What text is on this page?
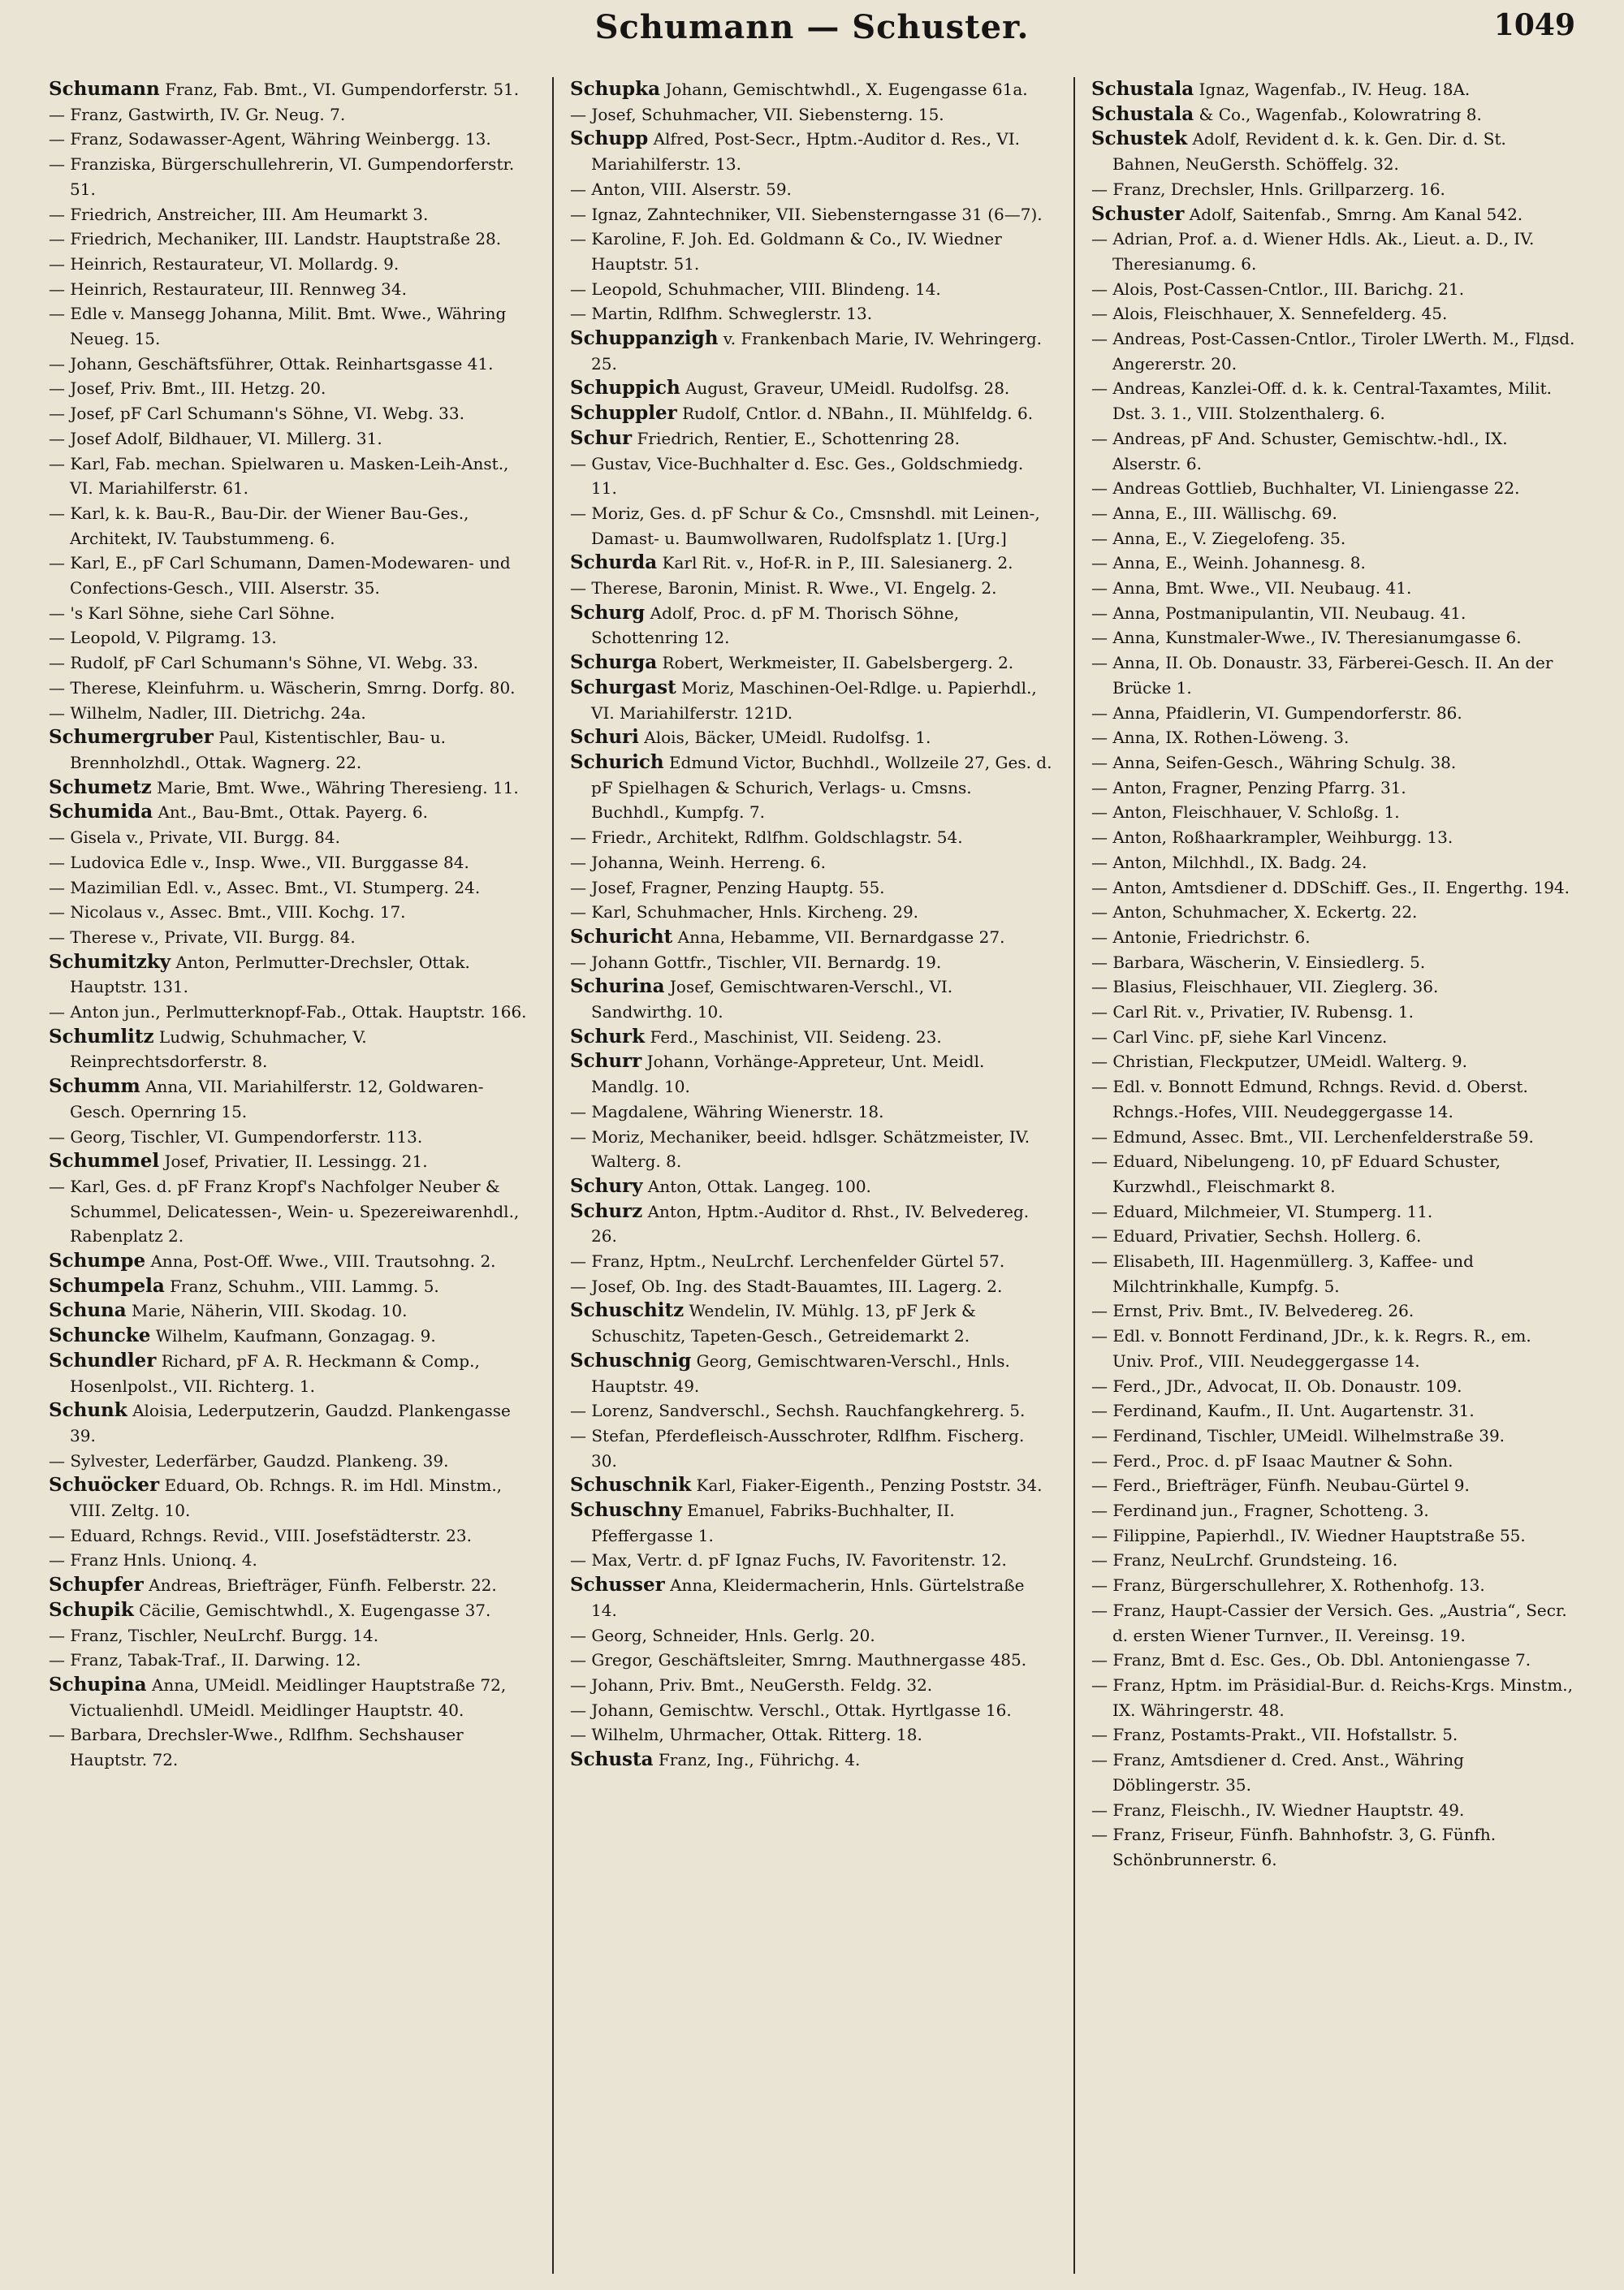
Schumann — Schuster.	1049

Schumann Franz, Fab. Bmt., VI. Gumpendorferstr. 51.

— Franz, Gastwirth, IV. Gr. Neug. 7.

— Franz, Sodawasser-Agent, Währing Weinbergg. 13.

— Franziska, Bürgerschullehrerin, VI. Gumpendorferstr. 51.

— Friedrich, Anstreicher, III. Am Heumarkt 3.

— Friedrich, Mechaniker, III. Landstr. Hauptstraße 28.

— Heinrich, Restaurateur, VI. Mollardg. 9.

— Heinrich, Restaurateur, III. Rennweg 34.

— Edle v. Mansegg Johanna, Milit. Bmt. Wwe., Währing Neueg. 15.

— Johann, Geschäftsführer, Ottak. Reinhartsgasse 41.

— Josef, Priv. Bmt., III. Hetzg. 20.

— Josef, pF Carl Schumann's Söhne, VI. Webg. 33.

— Josef Adolf, Bildhauer, VI. Millerg. 31.

— Karl, Fab. mechan. Spielwaren u. Masken-Leih-Anst., VI. Mariahilferstr. 61.

— Karl, k. k. Bau-R., Bau-Dir. der Wiener Bau-Ges., Architekt, IV. Taubstummeng. 6.

— Karl, E., pF Carl Schumann, Damen-Modewaren- und Confections-Gesch., VIII. Alserstr. 35.

— 's Karl Söhne, siehe Carl Söhne.

— Leopold, V. Pilgramg. 13.

— Rudolf, pF Carl Schumann's Söhne, VI. Webg. 33.

— Therese, Kleinfuhrm. u. Wäscherin, Smrng. Dorfg. 80.

— Wilhelm, Nadler, III. Dietrichg. 24a.

Schumergruber Paul, Kistentischler, Bau- u. Brennholzhdl., Ottak. Wagnerg. 22.

Schumetz Marie, Bmt. Wwe., Währing Theresieng. 11.

Schumida Ant., Bau-Bmt., Ottak. Payerg. 6.

— Gisela v., Private, VII. Burgg. 84.

— Ludovica Edle v., Insp. Wwe., VII. Burggasse 84.

— Mazimilian Edl. v., Assec. Bmt., VI. Stumperg. 24.

— Nicolaus v., Assec. Bmt., VIII. Kochg. 17.

— Therese v., Private, VII. Burgg. 84.

Schumitzky Anton, Perlmutter-Drechsler, Ottak. Hauptstr. 131.

— Anton jun., Perlmutterknopf-Fab., Ottak. Hauptstr. 166.

Schumlitz Ludwig, Schuhmacher, V. Reinprechtsdorferstr. 8.

Schumm Anna, VII. Mariahilferstr. 12, Goldwaren-Gesch. Opernring 15.

— Georg, Tischler, VI. Gumpendorferstr. 113.

Schummel Josef, Privatier, II. Lessingg. 21.

— Karl, Ges. d. pF Franz Kropf's Nachfolger Neuber & Schummel, Delicatessen-, Wein- u. Spezereiwarenhdl., Rabenplatz 2.

Schumpe Anna, Post-Off. Wwe., VIII. Trautsohng. 2.

Schumpela Franz, Schuhm., VIII. Lammg. 5.

Schuna Marie, Näherin, VIII. Skodag. 10.

Schuncke Wilhelm, Kaufmann, Gonzagag. 9.

Schundler Richard, pF A. R. Heckmann & Comp., Hosenlpolst., VII. Richterg. 1.

Schunk Aloisia, Lederputzerin, Gaudzd. Plankengasse 39.

— Sylvester, Lederfärber, Gaudzd. Plankeng. 39.

Schuöcker Eduard, Ob. Rchngs. R. im Hdl. Minstm., VIII. Zeltg. 10.

— Eduard, Rchngs. Revid., VIII. Josefstädterstr. 23.

— Franz Hnls. Unionq. 4.

Schupfer Andreas, Briefträger, Fünfh. Felberstr. 22.

Schupik Cäcilie, Gemischtwhdl., X. Eugengasse 37.

— Franz, Tischler, NeuLrchf. Burgg. 14.

— Franz, Tabak-Traf., II. Darwing. 12.

Schupina Anna, UMeidl. Meidlinger Hauptstraße 72, Victualienhdl. UMeidl. Meidlinger Hauptstr. 40.

— Barbara, Drechsler-Wwe., Rdlfhm. Sechshauser Hauptstr. 72.

Schupka Johann, Gemischtwhdl., X. Eugengasse 61a.

— Josef, Schuhmacher, VII. Siebensterng. 15.

Schupp Alfred, Post-Secr., Hptm.-Auditor d. Res., VI. Mariahilferstr. 13.

— Anton, VIII. Alserstr. 59.

— Ignaz, Zahntechniker, VII. Siebensterngasse 31 (6—7).

— Karoline, F. Joh. Ed. Goldmann & Co., IV. Wiedner Hauptstr. 51.

— Leopold, Schuhmacher, VIII. Blindeng. 14.

— Martin, Rdlfhm. Schweglerstr. 13.

Schuppanzigh v. Frankenbach Marie, IV. Wehringerg. 25.

Schuppich August, Graveur, UMeidl. Rudolfsg. 28.

Schuppler Rudolf, Cntlor. d. NBahn., II. Mühlfeldg. 6.

Schur Friedrich, Rentier, E., Schottenring 28.

— Gustav, Vice-Buchhalter d. Esc. Ges., Goldschmiedg. 11.

— Moriz, Ges. d. pF Schur & Co., Cmsnshdl. mit Leinen-, Damast- u. Baumwollwaren, Rudolfsplatz 1. [Urg.]

Schurda Karl Rit. v., Hof-R. in P., III. Salesianerg. 2.

— Therese, Baronin, Minist. R. Wwe., VI. Engelg. 2.

Schurg Adolf, Proc. d. pF M. Thorisch Söhne, Schottenring 12.

Schurga Robert, Werkmeister, II. Gabelsbergerg. 2.

Schurgast Moriz, Maschinen-Oel-Rdlge. u. Papierhdl., VI. Mariahilferstr. 121D.

Schuri Alois, Bäcker, UMeidl. Rudolfsg. 1.

Schurich Edmund Victor, Buchhdl., Wollzeile 27, Ges. d. pF Spielhagen & Schurich, Verlags- u. Cmsns. Buchhdl., Kumpfg. 7.

— Friedr., Architekt, Rdlfhm. Goldschlagstr. 54.

— Johanna, Weinh. Herreng. 6.

— Josef, Fragner, Penzing Hauptg. 55.

— Karl, Schuhmacher, Hnls. Kircheng. 29.

Schuricht Anna, Hebamme, VII. Bernardgasse 27.

— Johann Gottfr., Tischler, VII. Bernardg. 19.

Schurina Josef, Gemischtwaren-Verschl., VI. Sandwirthg. 10.

Schurk Ferd., Maschinist, VII. Seideng. 23.

Schurr Johann, Vorhänge-Appreteur, Unt. Meidl. Mandlg. 10.

— Magdalene, Währing Wienerstr. 18.

— Moriz, Mechaniker, beeid. hdlsger. Schätzmeister, IV. Walterg. 8.

Schury Anton, Ottak. Langeg. 100.

Schurz Anton, Hptm.-Auditor d. Rhst., IV. Belvedereg. 26.

— Franz, Hptm., NeuLrchf. Lerchenfelder Gürtel 57.

— Josef, Ob. Ing. des Stadt-Bauamtes, III. Lagerg. 2.

Schuschitz Wendelin, IV. Mühlg. 13, pF Jerk & Schuschitz, Tapeten-Gesch., Getreidemarkt 2.

Schuschnig Georg, Gemischtwaren-Verschl., Hnls. Hauptstr. 49.

— Lorenz, Sandverschl., Sechsh. Rauchfangkehrerg. 5.

— Stefan, Pferdefleisch-Ausschroter, Rdlfhm. Fischerg. 30.

Schuschnik Karl, Fiaker-Eigenth., Penzing Poststr. 34.

Schuschny Emanuel, Fabriks-Buchhalter, II. Pfeffergasse 1.

— Max, Vertr. d. pF Ignaz Fuchs, IV. Favoritenstr. 12.

Schusser Anna, Kleidermacherin, Hnls. Gürtelstraße 14.

— Georg, Schneider, Hnls. Gerlg. 20.

— Gregor, Geschäftsleiter, Smrng. Mauthnergasse 485.

— Johann, Priv. Bmt., NeuGersth. Feldg. 32.

— Johann, Gemischtw. Verschl., Ottak. Hyrtlgasse 16.

— Wilhelm, Uhrmacher, Ottak. Ritterg. 18.

Schusta Franz, Ing., Führichg. 4.

Schustala Ignaz, Wagenfab., IV. Heug. 18A.

Schustala & Co., Wagenfab., Kolowratring 8.

Schustek Adolf, Revident d. k. k. Gen. Dir. d. St. Bahnen, NeuGersth. Schöffelg. 32.

— Franz, Drechsler, Hnls. Grillparzerg. 16.

Schuster Adolf, Saitenfab., Smrng. Am Kanal 542.

— Adrian, Prof. a. d. Wiener Hdls. Ak., Lieut. a. D., IV. Theresianumg. 6.

— Alois, Post-Cassen-Cntlor., III. Barichg. 21.

— Alois, Fleischhauer, X. Sennefelderg. 45.

— Andreas, Post-Cassen-Cntlor., Tiroler LWerth. M., Flдsd. Angererstr. 20.

— Andreas, Kanzlei-Off. d. k. k. Central-Taxamtes, Milit. Dst. 3. 1., VIII. Stolzenthalerg. 6.

— Andreas, pF And. Schuster, Gemischtw.-hdl., IX. Alserstr. 6.

— Andreas Gottlieb, Buchhalter, VI. Liniengasse 22.

— Anna, E., III. Wällischg. 69.

— Anna, E., V. Ziegelofeng. 35.

— Anna, E., Weinh. Johannesg. 8.

— Anna, Bmt. Wwe., VII. Neubaug. 41.

— Anna, Postmanipulantin, VII. Neubaug. 41.

— Anna, Kunstmaler-Wwe., IV. Theresianumgasse 6.

— Anna, II. Ob. Donaustr. 33, Färberei-Gesch. II. An der Brücke 1.

— Anna, Pfaidlerin, VI. Gumpendorferstr. 86.

— Anna, IX. Rothen-Löweng. 3.

— Anna, Seifen-Gesch., Währing Schulg. 38.

— Anton, Fragner, Penzing Pfarrg. 31.

— Anton, Fleischhauer, V. Schloßg. 1.

— Anton, Roßhaarkrampler, Weihburgg. 13.

— Anton, Milchhdl., IX. Badg. 24.

— Anton, Amtsdiener d. DDSchiff. Ges., II. Engerthg. 194.

— Anton, Schuhmacher, X. Eckertg. 22.

— Antonie, Friedrichstr. 6.

— Barbara, Wäscherin, V. Einsiedlerg. 5.

— Blasius, Fleischhauer, VII. Zieglerg. 36.

— Carl Rit. v., Privatier, IV. Rubensg. 1.

— Carl Vinc. pF, siehe Karl Vincenz.

— Christian, Fleckputzer, UMeidl. Walterg. 9.

— Edl. v. Bonnott Edmund, Rchngs. Revid. d. Oberst. Rchngs.-Hofes, VIII. Neudeggergasse 14.

— Edmund, Assec. Bmt., VII. Lerchenfelderstraße 59.

— Eduard, Nibelungeng. 10, pF Eduard Schuster, Kurzwhdl., Fleischmarkt 8.

— Eduard, Milchmeier, VI. Stumperg. 11.

— Eduard, Privatier, Sechsh. Hollerg. 6.

— Elisabeth, III. Hagenmüllerg. 3, Kaffee- und Milchtrinkhalle, Kumpfg. 5.

— Ernst, Priv. Bmt., IV. Belvedereg. 26.

— Edl. v. Bonnott Ferdinand, JDr., k. k. Regrs. R., em. Univ. Prof., VIII. Neudeggergasse 14.

— Ferd., JDr., Advocat, II. Ob. Donaustr. 109.

— Ferdinand, Kaufm., II. Unt. Augartenstr. 31.

— Ferdinand, Tischler, UMeidl. Wilhelmstraße 39.

— Ferd., Proc. d. pF Isaac Mautner & Sohn.

— Ferd., Briefträger, Fünfh. Neubau-Gürtel 9.

— Ferdinand jun., Fragner, Schotteng. 3.

— Filippine, Papierhdl., IV. Wiedner Hauptstraße 55.

— Franz, NeuLrchf. Grundsteing. 16.

— Franz, Bürgerschullehrer, X. Rothenhofg. 13.

— Franz, Haupt-Cassier der Versich. Ges. „Austria“, Secr. d. ersten Wiener Turnver., II. Vereinsg. 19.

— Franz, Bmt d. Esc. Ges., Ob. Dbl. Antoniengasse 7.

— Franz, Hptm. im Präsidial-Bur. d. Reichs-Krgs. Minstm., IX. Währingerstr. 48.

— Franz, Postamts-Prakt., VII. Hofstallstr. 5.

— Franz, Amtsdiener d. Cred. Anst., Währing Döblingerstr. 35.

— Franz, Fleischh., IV. Wiedner Hauptstr. 49.

— Franz, Friseur, Fünfh. Bahnhofstr. 3, G. Fünfh. Schönbrunnerstr. 6.
